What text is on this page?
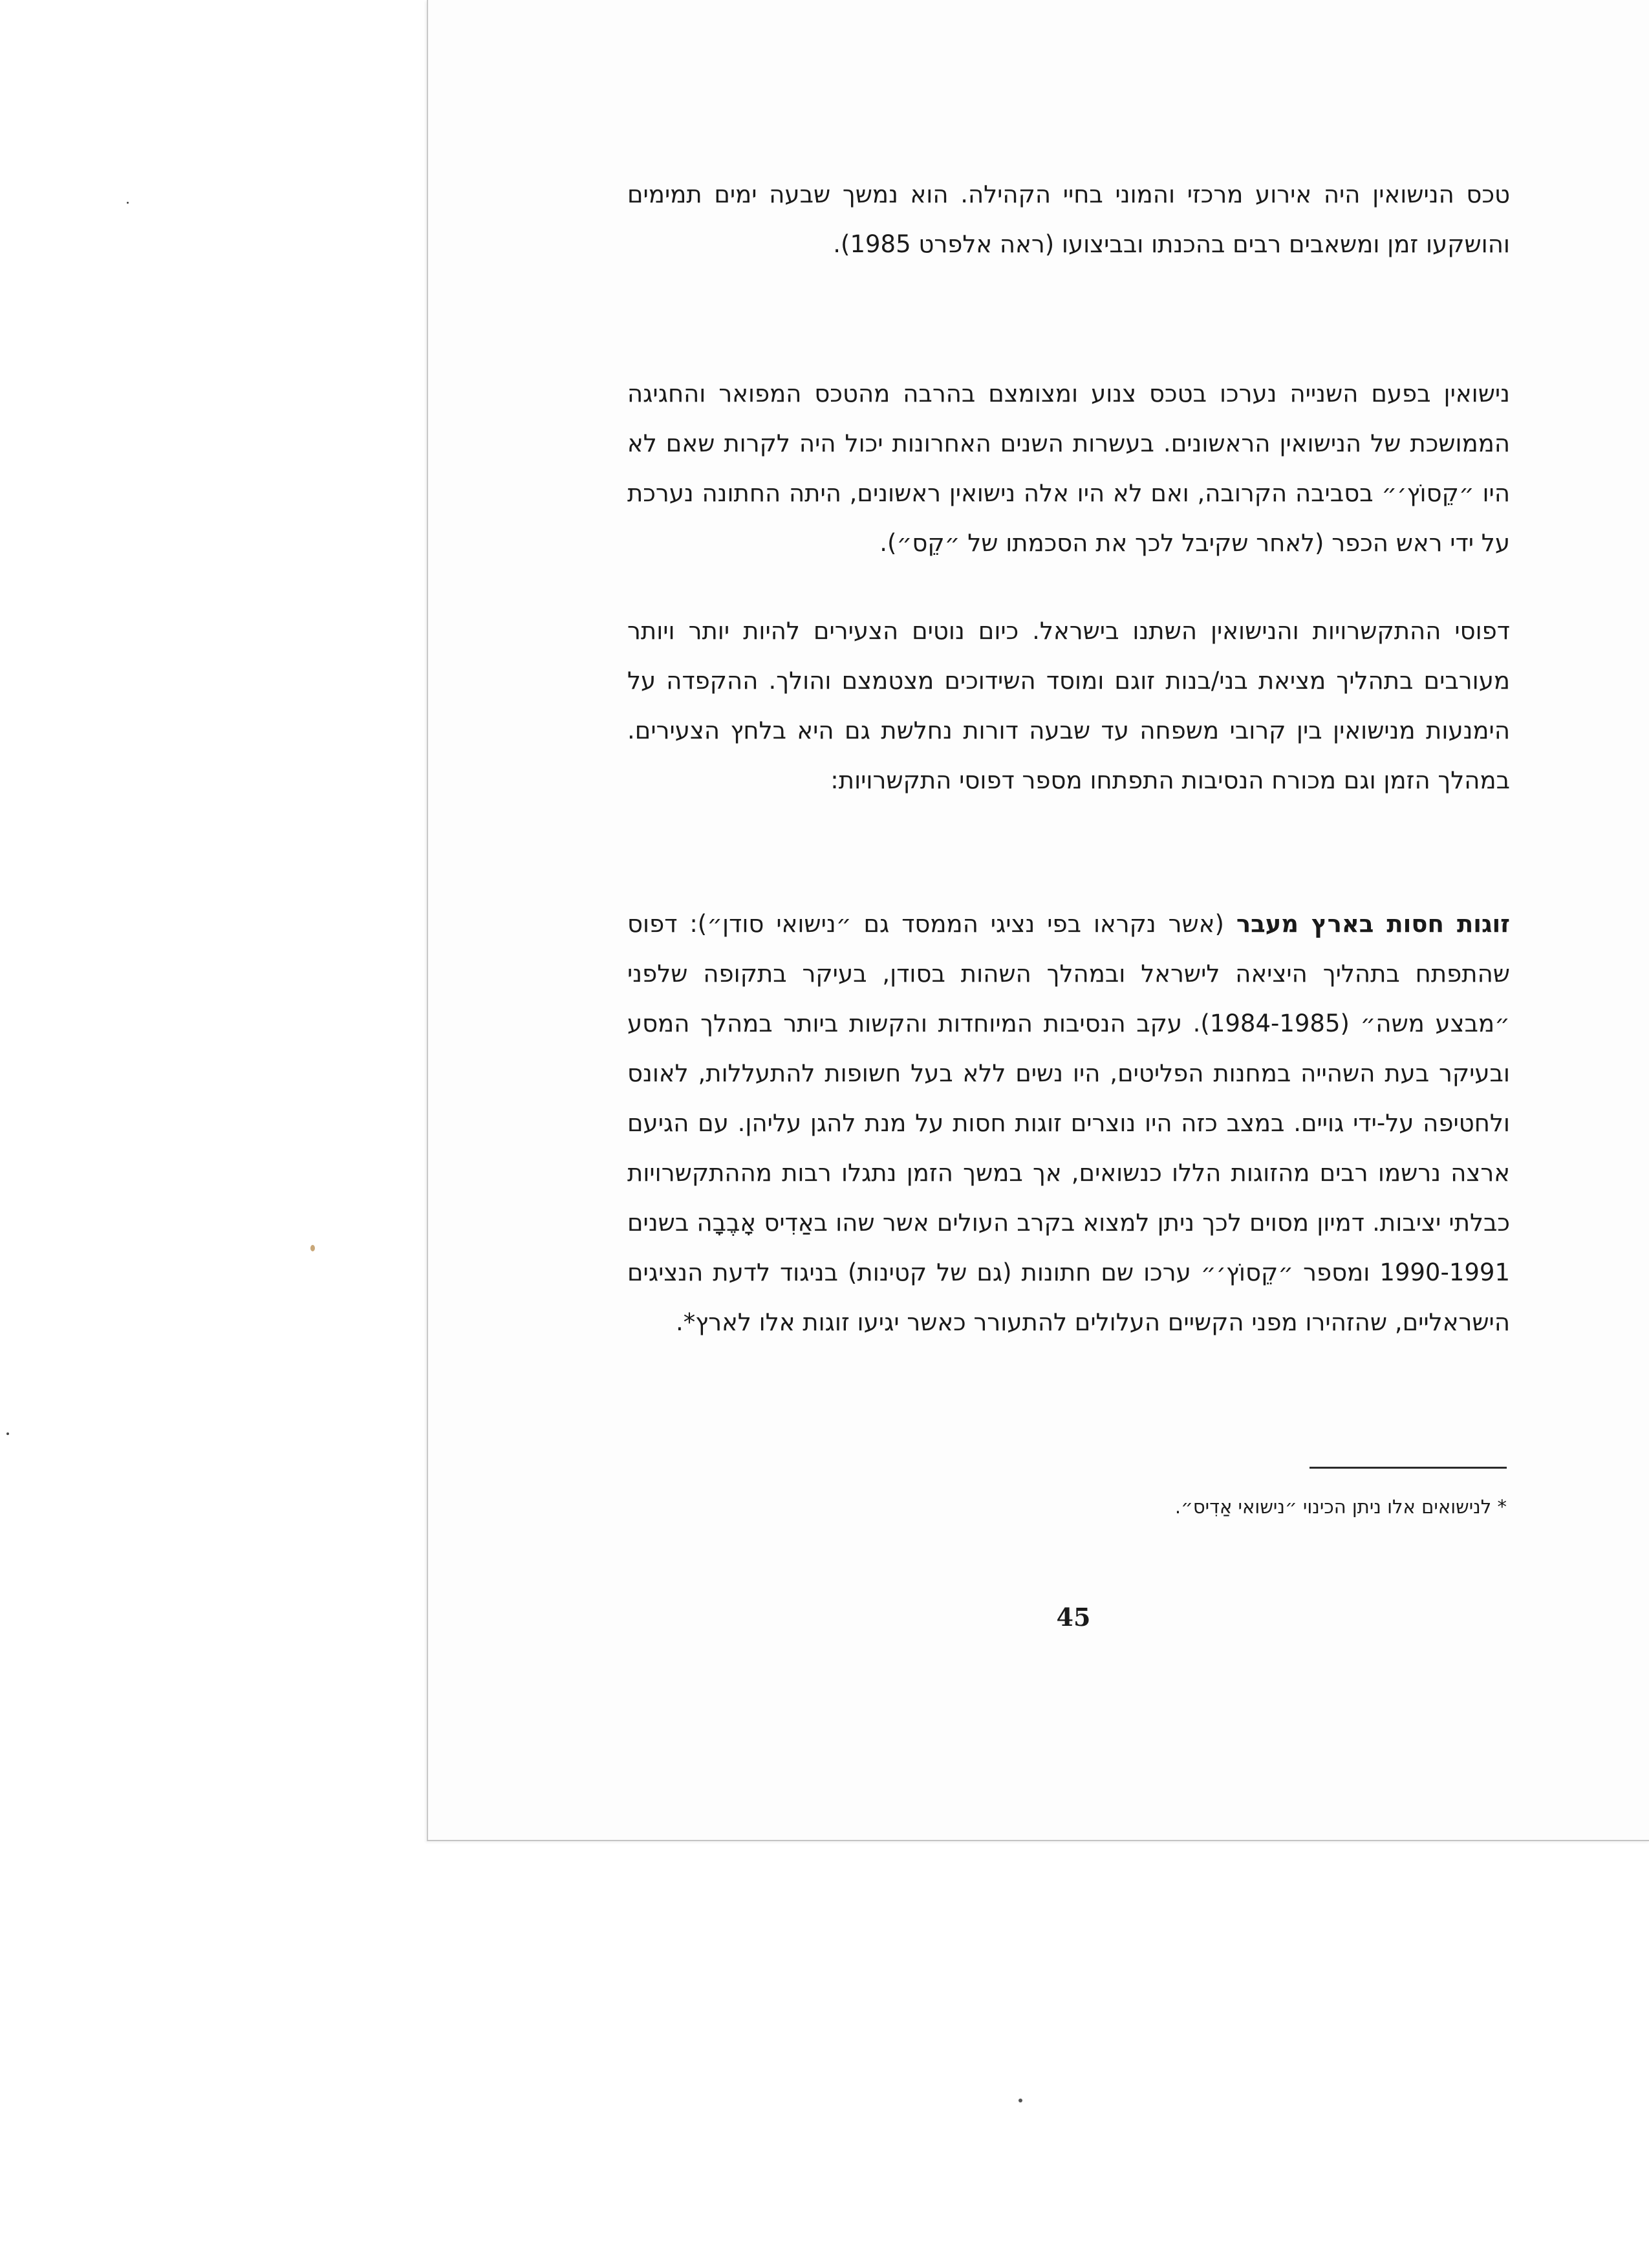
טכס הנישואין היה אירוע מרכזי והמוני בחיי הקהילה. הוא נמשך שבעה ימים תמימים והושקעו זמן ומשאבים רבים בהכנתו ובביצועו (ראה אלפרט 1985).

נישואין בפעם השנייה נערכו בטכס צנוע ומצומצם בהרבה מהטכס המפואר והחגיגה הממושכת של הנישואין הראשונים. בעשרות השנים האחרונות יכול היה לקרות שאם לא היו ״קֵסוֹץ׳״ בסביבה הקרובה, ואם לא היו אלה נישואין ראשונים, היתה החתונה נערכת על ידי ראש הכפר (לאחר שקיבל לכך את הסכמתו של ״קֵס״).

דפוסי ההתקשרויות והנישואין השתנו בישראל. כיום נוטים הצעירים להיות יותר ויותר מעורבים בתהליך מציאת בני/בנות זוגם ומוסד השידוכים מצטמצם והולך. ההקפדה על הימנעות מנישואין בין קרובי משפחה עד שבעה דורות נחלשת גם היא בלחץ הצעירים. במהלך הזמן וגם מכורח הנסיבות התפתחו מספר דפוסי התקשרויות:

זוגות חסות בארץ מעבר (אשר נקראו בפי נציגי הממסד גם ״נישואי סודן״): דפוס שהתפתח בתהליך היציאה לישראל ובמהלך השהות בסודן, בעיקר בתקופה שלפני ״מבצע משה״ (1984-1985). עקב הנסיבות המיוחדות והקשות ביותר במהלך המסע ובעיקר בעת השהייה במחנות הפליטים, היו נשים ללא בעל חשופות להתעללות, לאונס ולחטיפה על-ידי גויים. במצב כזה היו נוצרים זוגות חסות על מנת להגן עליהן. עם הגיעם ארצה נרשמו רבים מהזוגות הללו כנשואים, אך במשך הזמן נתגלו רבות מההתקשרויות כבלתי יציבות. דמיון מסוים לכך ניתן למצוא בקרב העולים אשר שהו באַדִיס אָבֶבָה בשנים 1990-1991 ומספר ״קֵסוֹץ׳״ ערכו שם חתונות (גם של קטינות) בניגוד לדעת הנציגים הישראליים, שהזהירו מפני הקשיים העלולים להתעורר כאשר יגיעו זוגות אלו לארץ*.

* לנישואים אלו ניתן הכינוי ״נישואי אַדִיס״.
45
